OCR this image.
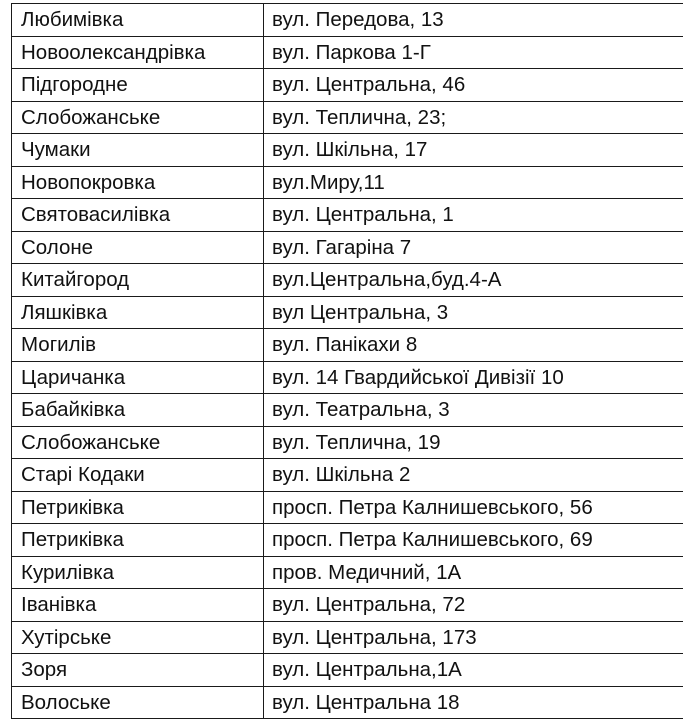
Любимівка	вул. Передова, 13
Новоолександрівка	вул. Паркова 1-Г
Підгородне	вул. Центральна, 46
Слобожанське	вул. Теплична, 23;
Чумаки	вул. Шкільна, 17
Новопокровка	вул.Миру,11
Святовасилівка	вул. Центральна, 1
Солоне	вул. Гагаріна 7
Китайгород	вул.Центральна,буд.4-А
Ляшківка	вул Центральна, 3
Могилів	вул. Панікахи 8
Царичанка	вул. 14 Гвардийської Дивізії 10
Бабайківка	вул. Театральна, 3
Слобожанське	вул. Теплична, 19
Старі Кодаки	вул. Шкільна 2
Петриківка	просп. Петра Калнишевського, 56
Петриківка	просп. Петра Калнишевського, 69
Курилівка	пров. Медичний, 1А
Іванівка	вул. Центральна, 72
Хутірське	вул. Центральна, 173
Зоря	вул. Центральна,1А
Волоське	вул. Центральна 18
